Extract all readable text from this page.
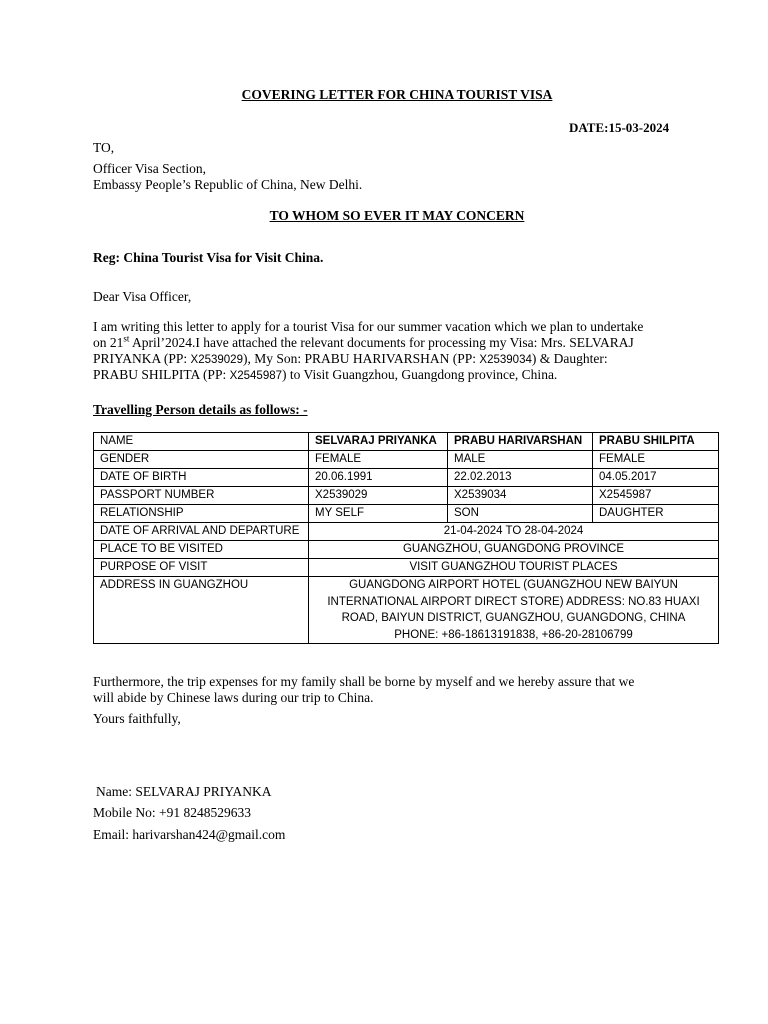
COVERING LETTER FOR CHINA TOURIST VISA
DATE:15-03-2024
TO,
Officer Visa Section,
Embassy People’s Republic of China, New Delhi.
TO WHOM SO EVER IT MAY CONCERN
Reg: China Tourist Visa for Visit China.
Dear Visa Officer,
I am writing this letter to apply for a tourist Visa for our summer vacation which we plan to undertake
on 21st April’2024.I have attached the relevant documents for processing my Visa: Mrs. SELVARAJ
PRIYANKA (PP: X2539029), My Son: PRABU HARIVARSHAN (PP: X2539034) & Daughter:
PRABU SHILPITA (PP: X2545987) to Visit Guangzhou, Guangdong province, China.
Travelling Person details as follows: -
NAME	SELVARAJ PRIYANKA	PRABU HARIVARSHAN	PRABU SHILPITA
GENDER	FEMALE	MALE	FEMALE
DATE OF BIRTH	20.06.1991	22.02.2013	04.05.2017
PASSPORT NUMBER	X2539029	X2539034	X2545987
RELATIONSHIP	MY SELF	SON	DAUGHTER
DATE OF ARRIVAL AND DEPARTURE	21-04-2024 TO 28-04-2024		
PLACE TO BE VISITED	GUANGZHOU, GUANGDONG PROVINCE		
PURPOSE OF VISIT	VISIT GUANGZHOU TOURIST PLACES		
ADDRESS IN GUANGZHOU	GUANGDONG AIRPORT HOTEL (GUANGZHOU NEW BAIYUN
INTERNATIONAL AIRPORT DIRECT STORE) ADDRESS: NO.83 HUAXI
ROAD, BAIYUN DISTRICT, GUANGZHOU, GUANGDONG, CHINA
PHONE: +86-18613191838, +86-20-28106799		
Furthermore, the trip expenses for my family shall be borne by myself and we hereby assure that we
will abide by Chinese laws during our trip to China.
Yours faithfully,
Name: SELVARAJ PRIYANKA
Mobile No: +91 8248529633
Email: harivarshan424@gmail.com
